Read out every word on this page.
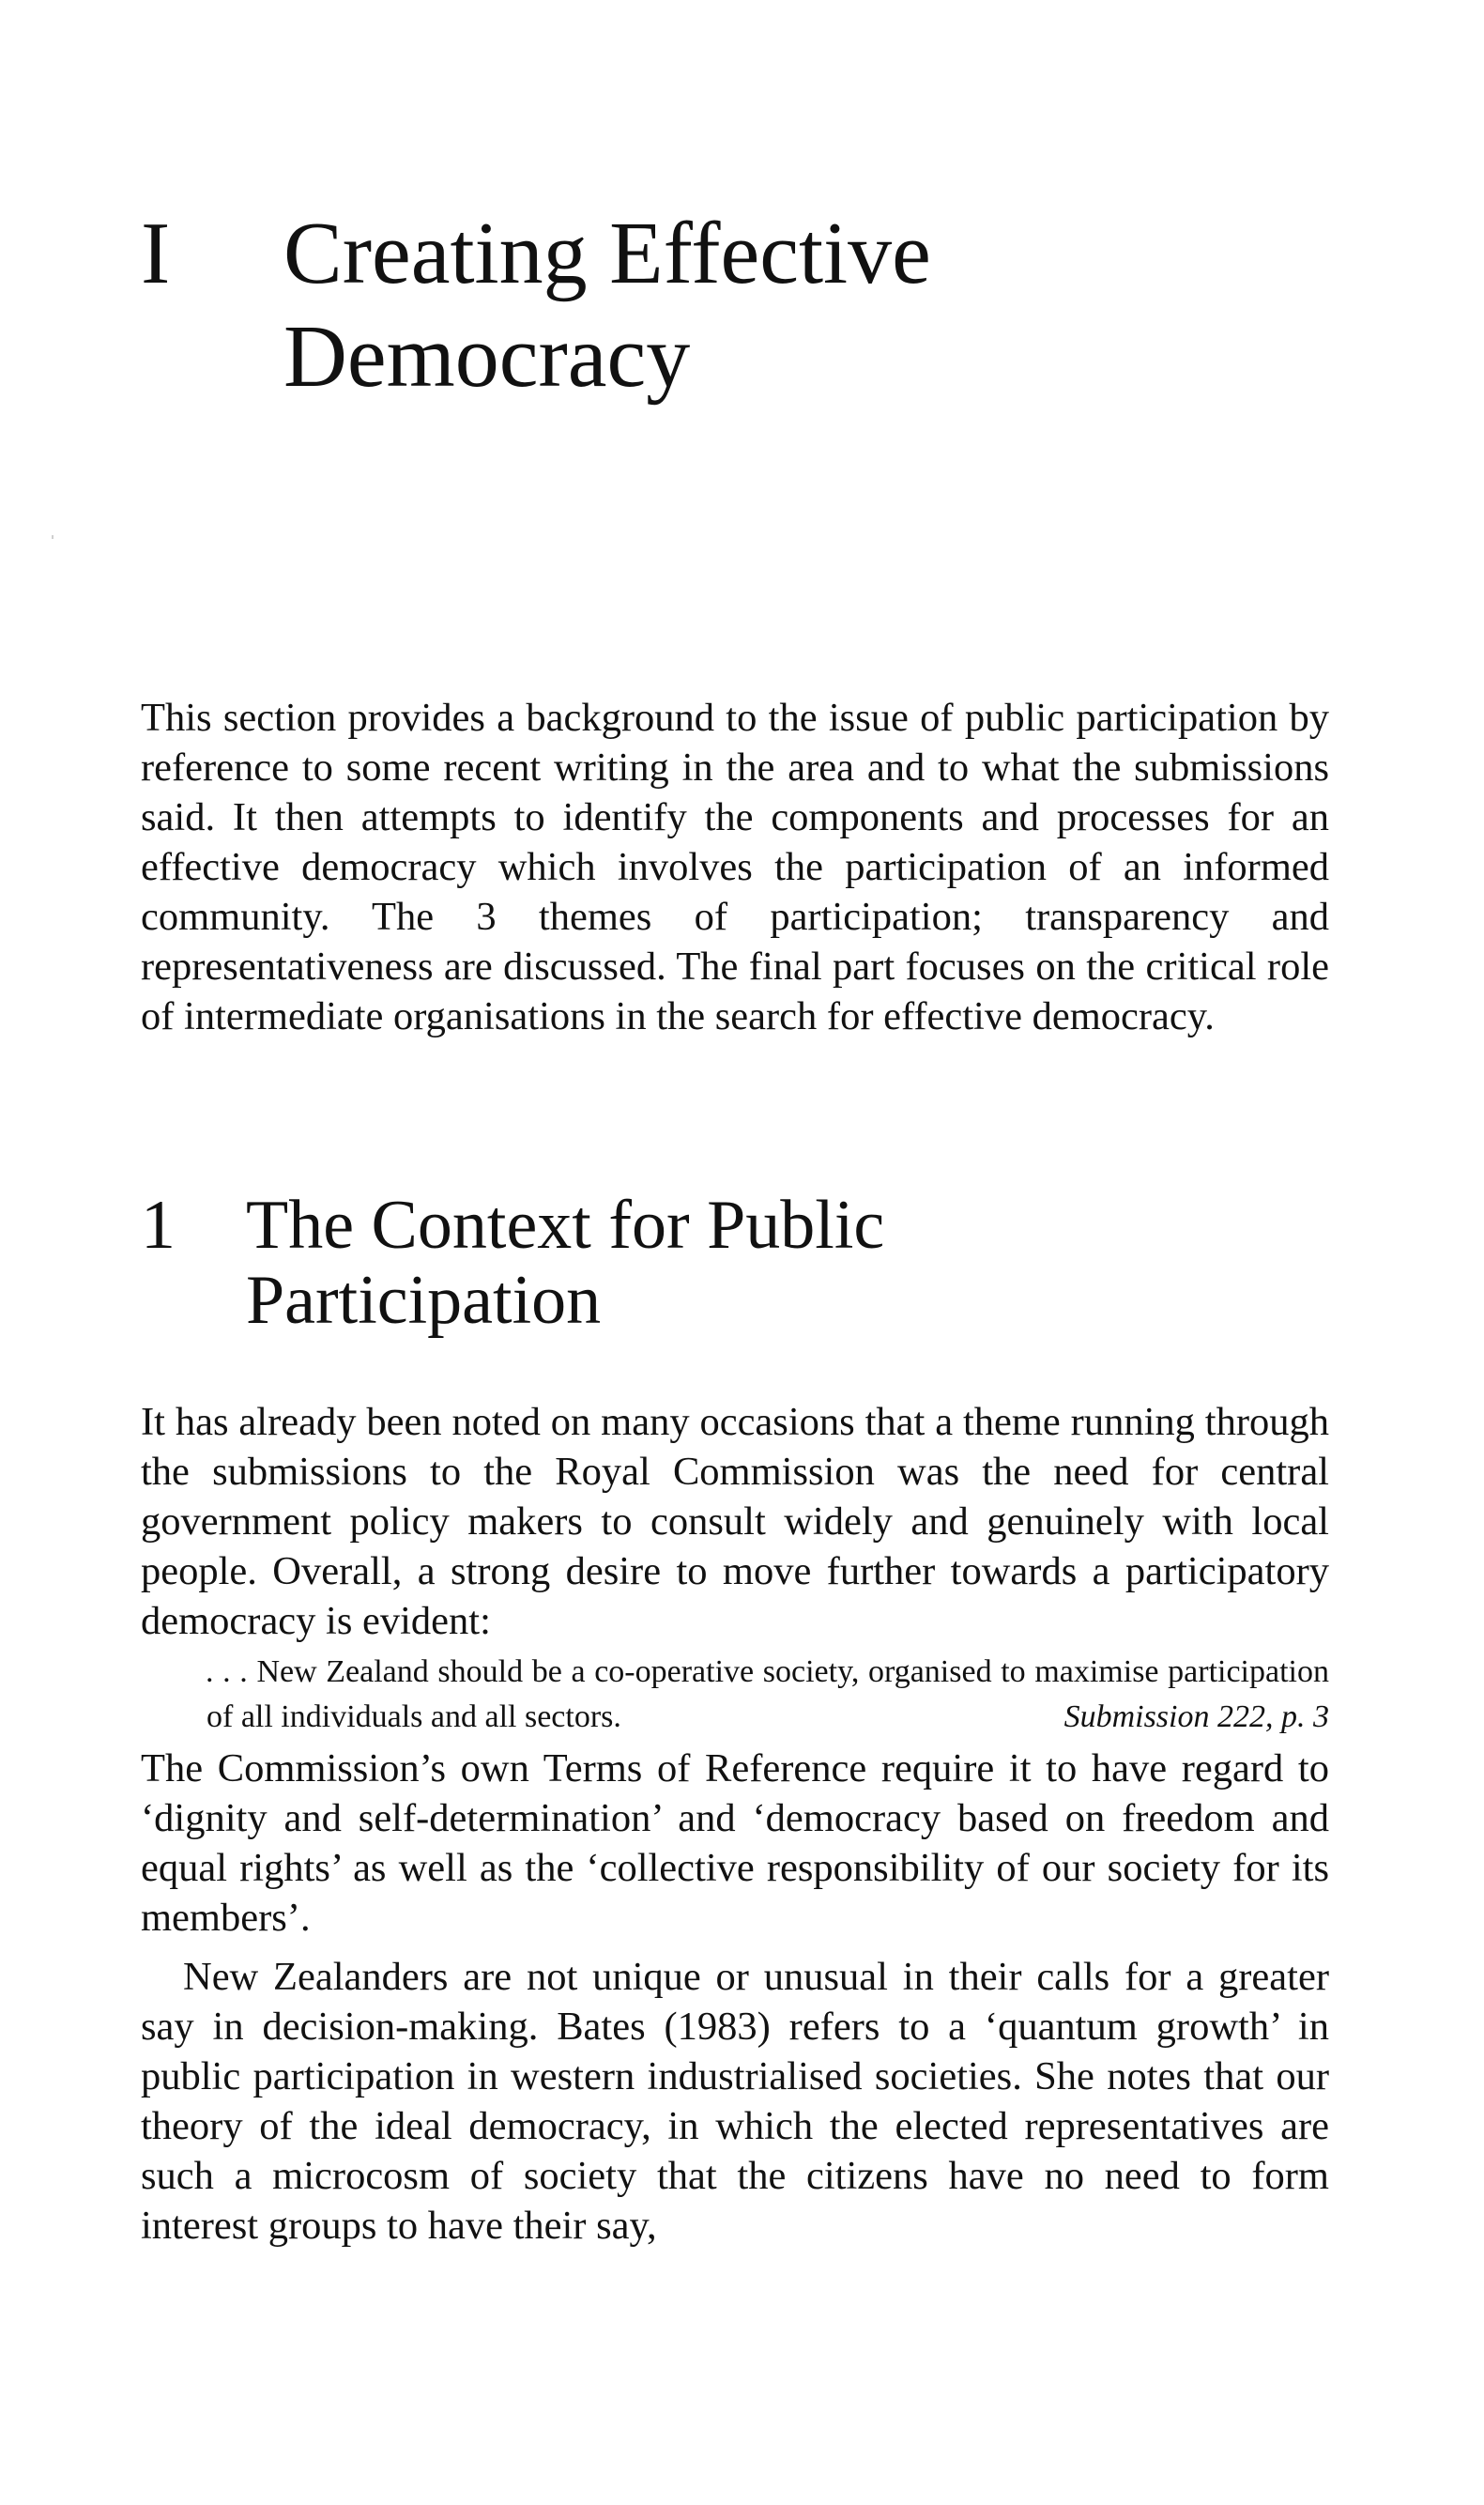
I	Creating Effective Democracy

This section provides a background to the issue of public participation by reference to some recent writing in the area and to what the submissions said. It then attempts to identify the components and processes for an effective democracy which involves the participation of an informed community. The 3 themes of participation; transparency and representativeness are discussed. The final part focuses on the critical role of intermediate organisations in the search for effective democracy.

1	The Context for Public Participation

It has already been noted on many occasions that a theme running through the submissions to the Royal Commission was the need for central government policy makers to consult widely and genuinely with local people. Overall, a strong desire to move further towards a participatory democracy is evident:

. . . New Zealand should be a co-operative society, organised to maximise participation of all individuals and all sectors.	Submission 222, p. 3

The Commission’s own Terms of Reference require it to have regard to ‘dignity and self-determination’ and ‘democracy based on freedom and equal rights’ as well as the ‘collective responsibility of our society for its members’.

New Zealanders are not unique or unusual in their calls for a greater say in decision-making. Bates (1983) refers to a ‘quantum growth’ in public participation in western industrialised societies. She notes that our theory of the ideal democracy, in which the elected representatives are such a microcosm of society that the citizens have no need to form interest groups to have their say,
